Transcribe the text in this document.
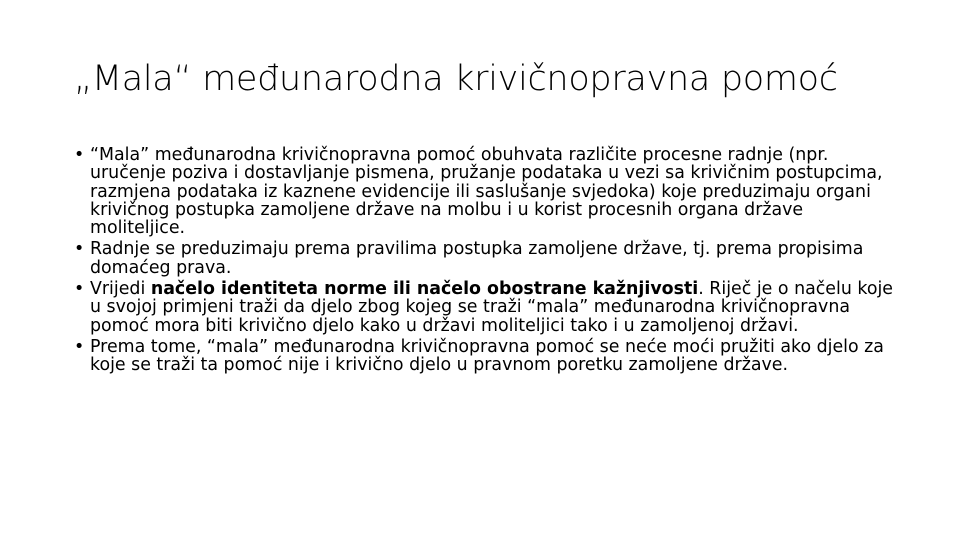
„Mala“ međunarodna krivičnopravna pomoć
• “Mala” međunarodna krivičnopravna pomoć obuhvata različite procesne radnje (npr. uručenje poziva i dostavljanje pismena, pružanje podataka u vezi sa krivičnim postupcima, razmjena podataka iz kaznene evidencije ili saslušanje svjedoka) koje preduzimaju organi krivičnog postupka zamoljene države na molbu i u korist procesnih organa države moliteljice.
• Radnje se preduzimaju prema pravilima postupka zamoljene države, tj. prema propisima domaćeg prava.
• Vrijedi načelo identiteta norme ili načelo obostrane kažnjivosti. Riječ je o načelu koje u svojoj primjeni traži da djelo zbog kojeg se traži “mala” međunarodna krivičnopravna pomoć mora biti krivično djelo kako u državi moliteljici tako i u zamoljenoj državi.
• Prema tome, “mala” međunarodna krivičnopravna pomoć se neće moći pružiti ako djelo za koje se traži ta pomoć nije i krivično djelo u pravnom poretku zamoljene države.
